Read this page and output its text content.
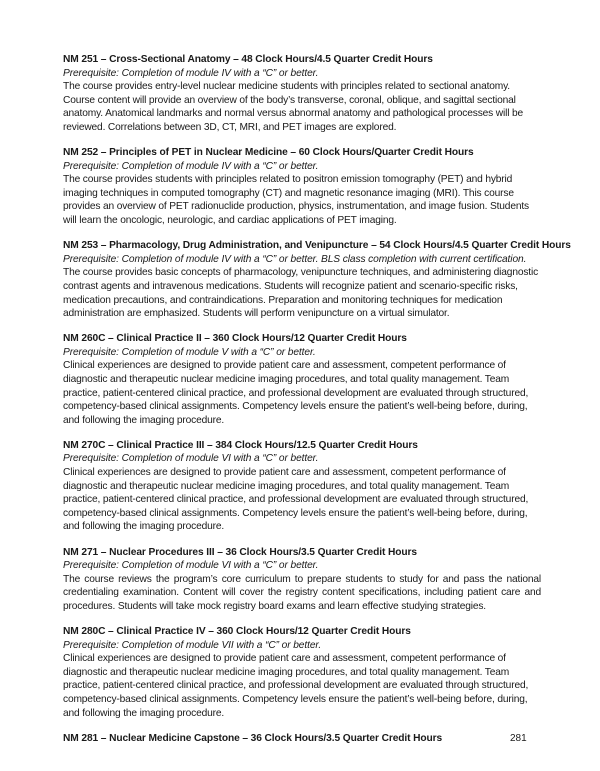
NM 251 – Cross-Sectional Anatomy – 48 Clock Hours/4.5 Quarter Credit Hours
Prerequisite: Completion of module IV with a “C” or better.
The course provides entry-level nuclear medicine students with principles related to sectional anatomy. Course content will provide an overview of the body’s transverse, coronal, oblique, and sagittal sectional anatomy. Anatomical landmarks and normal versus abnormal anatomy and pathological processes will be reviewed. Correlations between 3D, CT, MRI, and PET images are explored.
NM 252 – Principles of PET in Nuclear Medicine – 60 Clock Hours/Quarter Credit Hours
Prerequisite: Completion of module IV with a “C” or better.
The course provides students with principles related to positron emission tomography (PET) and hybrid imaging techniques in computed tomography (CT) and magnetic resonance imaging (MRI). This course provides an overview of PET radionuclide production, physics, instrumentation, and image fusion. Students will learn the oncologic, neurologic, and cardiac applications of PET imaging.
NM 253 – Pharmacology, Drug Administration, and Venipuncture – 54 Clock Hours/4.5 Quarter Credit Hours
Prerequisite: Completion of module IV with a “C” or better. BLS class completion with current certification.
The course provides basic concepts of pharmacology, venipuncture techniques, and administering diagnostic contrast agents and intravenous medications. Students will recognize patient and scenario-specific risks, medication precautions, and contraindications. Preparation and monitoring techniques for medication administration are emphasized. Students will perform venipuncture on a virtual simulator.
NM 260C – Clinical Practice II – 360 Clock Hours/12 Quarter Credit Hours
Prerequisite: Completion of module V with a “C” or better.
Clinical experiences are designed to provide patient care and assessment, competent performance of diagnostic and therapeutic nuclear medicine imaging procedures, and total quality management. Team practice, patient-centered clinical practice, and professional development are evaluated through structured, competency-based clinical assignments. Competency levels ensure the patient’s well-being before, during, and following the imaging procedure.
NM 270C – Clinical Practice III – 384 Clock Hours/12.5 Quarter Credit Hours
Prerequisite: Completion of module VI with a “C” or better.
Clinical experiences are designed to provide patient care and assessment, competent performance of diagnostic and therapeutic nuclear medicine imaging procedures, and total quality management. Team practice, patient-centered clinical practice, and professional development are evaluated through structured, competency-based clinical assignments. Competency levels ensure the patient’s well-being before, during, and following the imaging procedure.
NM 271 – Nuclear Procedures III – 36 Clock Hours/3.5 Quarter Credit Hours
Prerequisite: Completion of module VI with a “C” or better.
The course reviews the program’s core curriculum to prepare students to study for and pass the national credentialing examination. Content will cover the registry content specifications, including patient care and procedures. Students will take mock registry board exams and learn effective studying strategies.
NM 280C – Clinical Practice IV – 360 Clock Hours/12 Quarter Credit Hours
Prerequisite: Completion of module VII with a “C” or better.
Clinical experiences are designed to provide patient care and assessment, competent performance of diagnostic and therapeutic nuclear medicine imaging procedures, and total quality management. Team practice, patient-centered clinical practice, and professional development are evaluated through structured, competency-based clinical assignments. Competency levels ensure the patient’s well-being before, during, and following the imaging procedure.
NM 281 – Nuclear Medicine Capstone – 36 Clock Hours/3.5 Quarter Credit Hours	281
